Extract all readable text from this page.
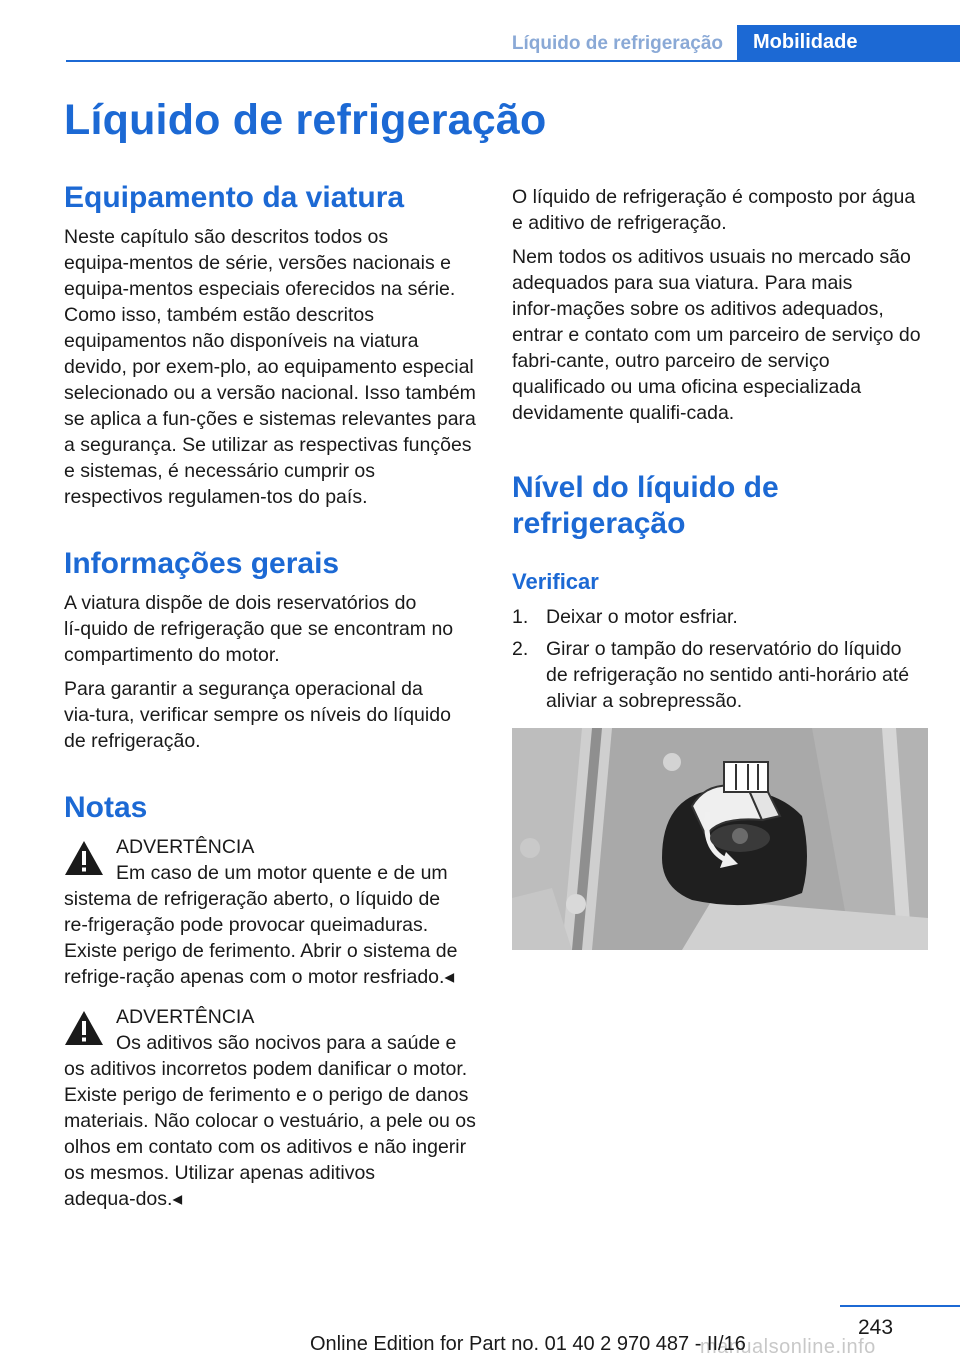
Líquido de refrigeração	Mobilidade
Líquido de refrigeração
Equipamento da viatura

Neste capítulo são descritos todos os equipa‑mentos de série, versões nacionais e equipa‑mentos especiais oferecidos na série. Como isso, também estão descritos equipamentos não disponíveis na viatura devido, por exem‑plo, ao equipamento especial selecionado ou a versão nacional. Isso também se aplica a fun‑ções e sistemas relevantes para a segurança. Se utilizar as respectivas funções e sistemas, é necessário cumprir os respectivos regulamen‑tos do país.

Informações gerais

A viatura dispõe de dois reservatórios do lí‑quido de refrigeração que se encontram no compartimento do motor.

Para garantir a segurança operacional da via‑tura, verificar sempre os níveis do líquido de refrigeração.

Notas

ADVERTÊNCIA

Em caso de um motor quente e de um sistema de refrigeração aberto, o líquido de re‑frigeração pode provocar queimaduras. Existe perigo de ferimento. Abrir o sistema de refrige‑ração apenas com o motor resfriado.◂

ADVERTÊNCIA

Os aditivos são nocivos para a saúde e os aditivos incorretos podem danificar o motor. Existe perigo de ferimento e o perigo de danos materiais. Não colocar o vestuário, a pele ou os olhos em contato com os aditivos e não ingerir os mesmos. Utilizar apenas aditivos adequa‑dos.◂

O líquido de refrigeração é composto por água e aditivo de refrigeração.

Nem todos os aditivos usuais no mercado são adequados para sua viatura. Para mais infor‑mações sobre os aditivos adequados, entrar e contato com um parceiro de serviço do fabri‑cante, outro parceiro de serviço qualificado ou uma oficina especializada devidamente qualifi‑cada.

Nível do líquido de refrigeração
Verificar
1. Deixar o motor esfriar.
2. Girar o tampão do reservatório do líquido de refrigeração no sentido anti-horário até aliviar a sobrepressão.
243
manualsonline.info
Online Edition for Part no. 01 40 2 970 487 - II/16
